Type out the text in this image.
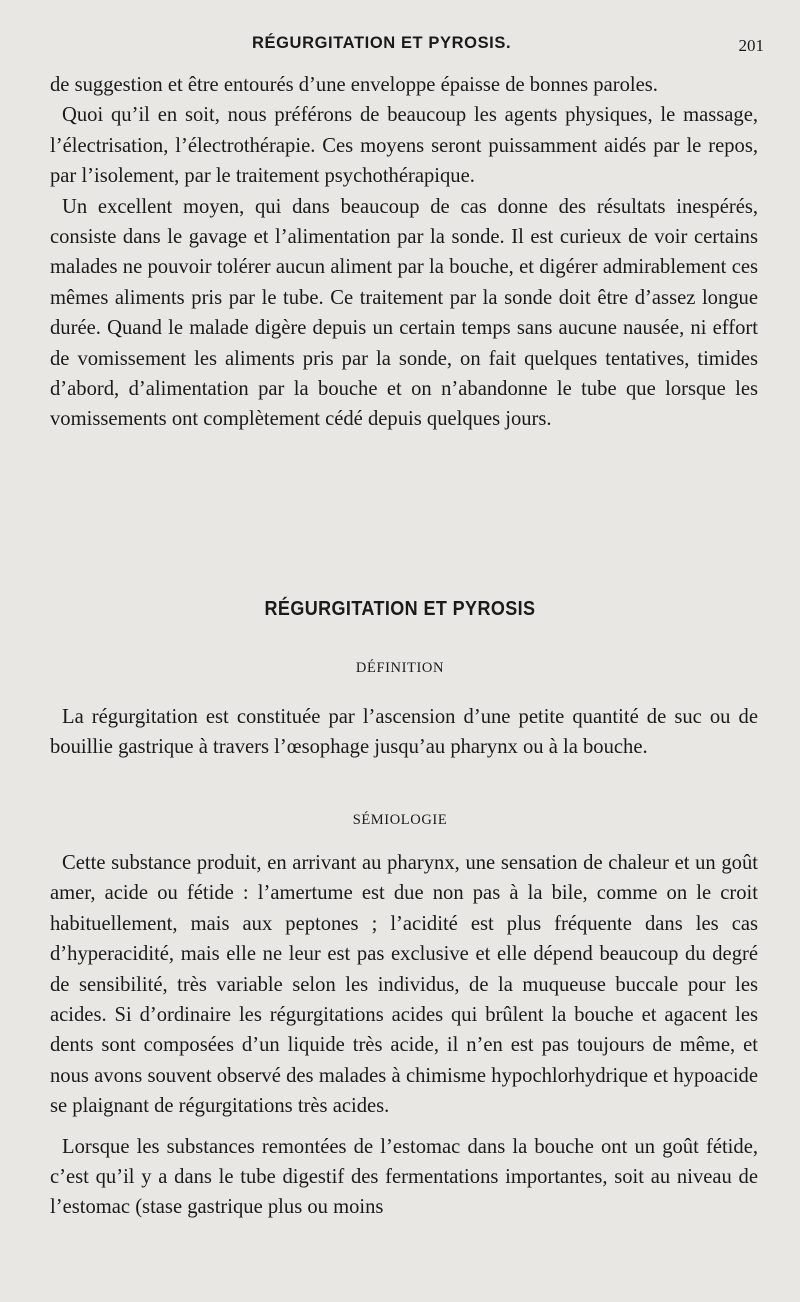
RÉGURGITATION ET PYROSIS.	201

de suggestion et être entourés d’une enveloppe épaisse de bonnes paroles.

Quoi qu’il en soit, nous préférons de beaucoup les agents physiques, le massage, l’électrisation, l’électrothérapie. Ces moyens seront puissamment aidés par le repos, par l’isolement, par le traitement psychothérapique.

Un excellent moyen, qui dans beaucoup de cas donne des résultats inespérés, consiste dans le gavage et l’alimentation par la sonde. Il est curieux de voir certains malades ne pouvoir tolérer aucun aliment par la bouche, et digérer admirablement ces mêmes aliments pris par le tube. Ce traitement par la sonde doit être d’assez longue durée. Quand le malade digère depuis un certain temps sans aucune nausée, ni effort de vomissement les aliments pris par la sonde, on fait quelques tentatives, timides d’abord, d’alimentation par la bouche et on n’abandonne le tube que lorsque les vomissements ont complètement cédé depuis quelques jours.

RÉGURGITATION ET PYROSIS
DÉFINITION

La régurgitation est constituée par l’ascension d’une petite quantité de suc ou de bouillie gastrique à travers l’œsophage jusqu’au pharynx ou à la bouche.

SÉMIOLOGIE

Cette substance produit, en arrivant au pharynx, une sensation de chaleur et un goût amer, acide ou fétide : l’amertume est due non pas à la bile, comme on le croit habituellement, mais aux peptones ; l’acidité est plus fréquente dans les cas d’hyperacidité, mais elle ne leur est pas exclusive et elle dépend beaucoup du degré de sensibilité, très variable selon les individus, de la muqueuse buccale pour les acides. Si d’ordinaire les régurgitations acides qui brûlent la bouche et agacent les dents sont composées d’un liquide très acide, il n’en est pas toujours de même, et nous avons souvent observé des malades à chimisme hypochlorhydrique et hypoacide se plaignant de régurgitations très acides.

Lorsque les substances remontées de l’estomac dans la bouche ont un goût fétide, c’est qu’il y a dans le tube digestif des fermentations importantes, soit au niveau de l’estomac (stase gastrique plus ou moins
